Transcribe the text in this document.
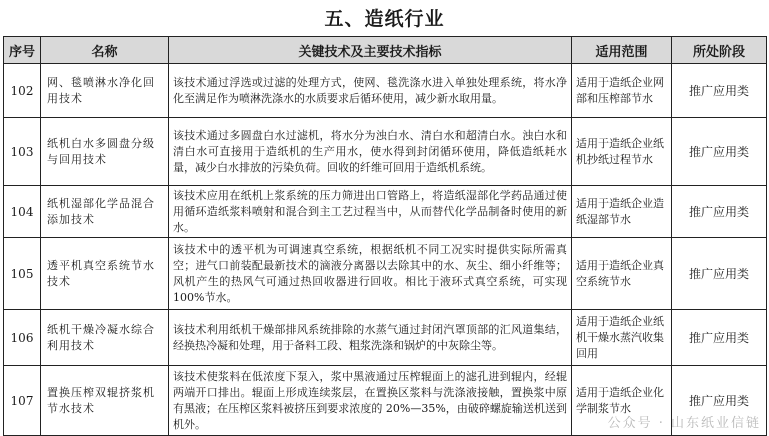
五、造纸行业
序号	名称	关键技术及主要技术指标	适用范围	所处阶段
102	网、毯喷淋水净化回用技术	该技术通过浮选或过滤的处理方式，使网、毯洗涤水进入单独处理系统，将水净化至满足作为喷淋洗涤水的水质要求后循环使用，减少新水取用量。	适用于造纸企业网部和压榨部节水	推广应用类
103	纸机白水多圆盘分级与回用技术	该技术通过多圆盘白水过滤机，将水分为浊白水、清白水和超清白水。浊白水和清白水可直接用于造纸机的生产用水，使水得到封闭循环使用，降低造纸耗水量，减少白水排放的污染负荷。回收的纤维可回用于造纸机系统。	适用于造纸企业纸机抄纸过程节水	推广应用类
104	纸机湿部化学品混合添加技术	该技术应用在纸机上浆系统的压力筛进出口管路上，将造纸湿部化学药品通过使用循环造纸浆料喷射和混合到主工艺过程当中，从而替代化学品制备时使用的新水。	适用于造纸企业造纸湿部节水	推广应用类
105	透平机真空系统节水技术	该技术中的透平机为可调速真空系统，根据纸机不同工况实时提供实际所需真空；进气口前装配最新技术的滴液分离器以去除其中的水、灰尘、细小纤维等；风机产生的热风气可通过热回收器进行回收。相比于液环式真空系统，可实现 100%节水。	适用于造纸企业真空系统节水	推广应用类
106	纸机干燥冷凝水综合利用技术	该技术利用纸机干燥部排风系统排除的水蒸气通过封闭汽罩顶部的汇风道集结，经换热冷凝和处理，用于备料工段、粗浆洗涤和锅炉的中灰除尘等。	适用于造纸企业纸机干燥水蒸汽收集回用	推广应用类
107	置换压榨双辊挤浆机节水技术	该技术使浆料在低浓度下泵入，浆中黑液通过压榨辊面上的滤孔进到辊内，经辊两端开口排出。辊面上形成连续浆层，在置换区浆料与洗涤液接触，置换浆中原有黑液；在压榨区浆料被挤压到要求浓度的 20%—35%，由破碎螺旋输送机送到机外。	适用于造纸企业化学制浆节水	推广应用类
公众号 · 山东纸业信链
